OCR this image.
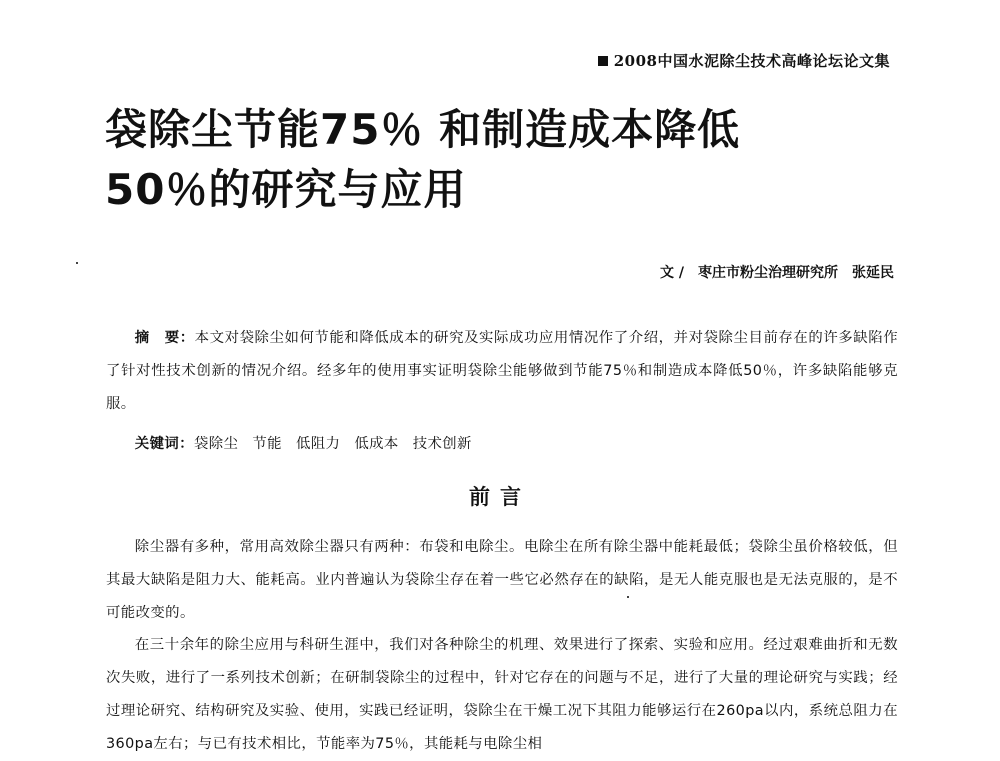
2008中国水泥除尘技术高峰论坛论文集
袋除尘节能75％ 和制造成本降低
50％的研究与应用
文 / 枣庄市粉尘治理研究所 张延民

摘　要：本文对袋除尘如何节能和降低成本的研究及实际成功应用情况作了介绍，并对袋除尘目前存在的许多缺陷作了针对性技术创新的情况介绍。经多年的使用事实证明袋除尘能够做到节能75％和制造成本降低50％，许多缺陷能够克服。

关键词：袋除尘 节能 低阻力 低成本 技术创新

前言

除尘器有多种，常用高效除尘器只有两种：布袋和电除尘。电除尘在所有除尘器中能耗最低；袋除尘虽价格较低，但其最大缺陷是阻力大、能耗高。业内普遍认为袋除尘存在着一些它必然存在的缺陷，是无人能克服也是无法克服的，是不可能改变的。

在三十余年的除尘应用与科研生涯中，我们对各种除尘的机理、效果进行了探索、实验和应用。经过艰难曲折和无数次失败，进行了一系列技术创新；在研制袋除尘的过程中，针对它存在的问题与不足，进行了大量的理论研究与实践；经过理论研究、结构研究及实验、使用，实践已经证明，袋除尘在干燥工况下其阻力能够运行在260pa以内，系统总阻力在360pa左右；与已有技术相比，节能率为75％，其能耗与电除尘相
